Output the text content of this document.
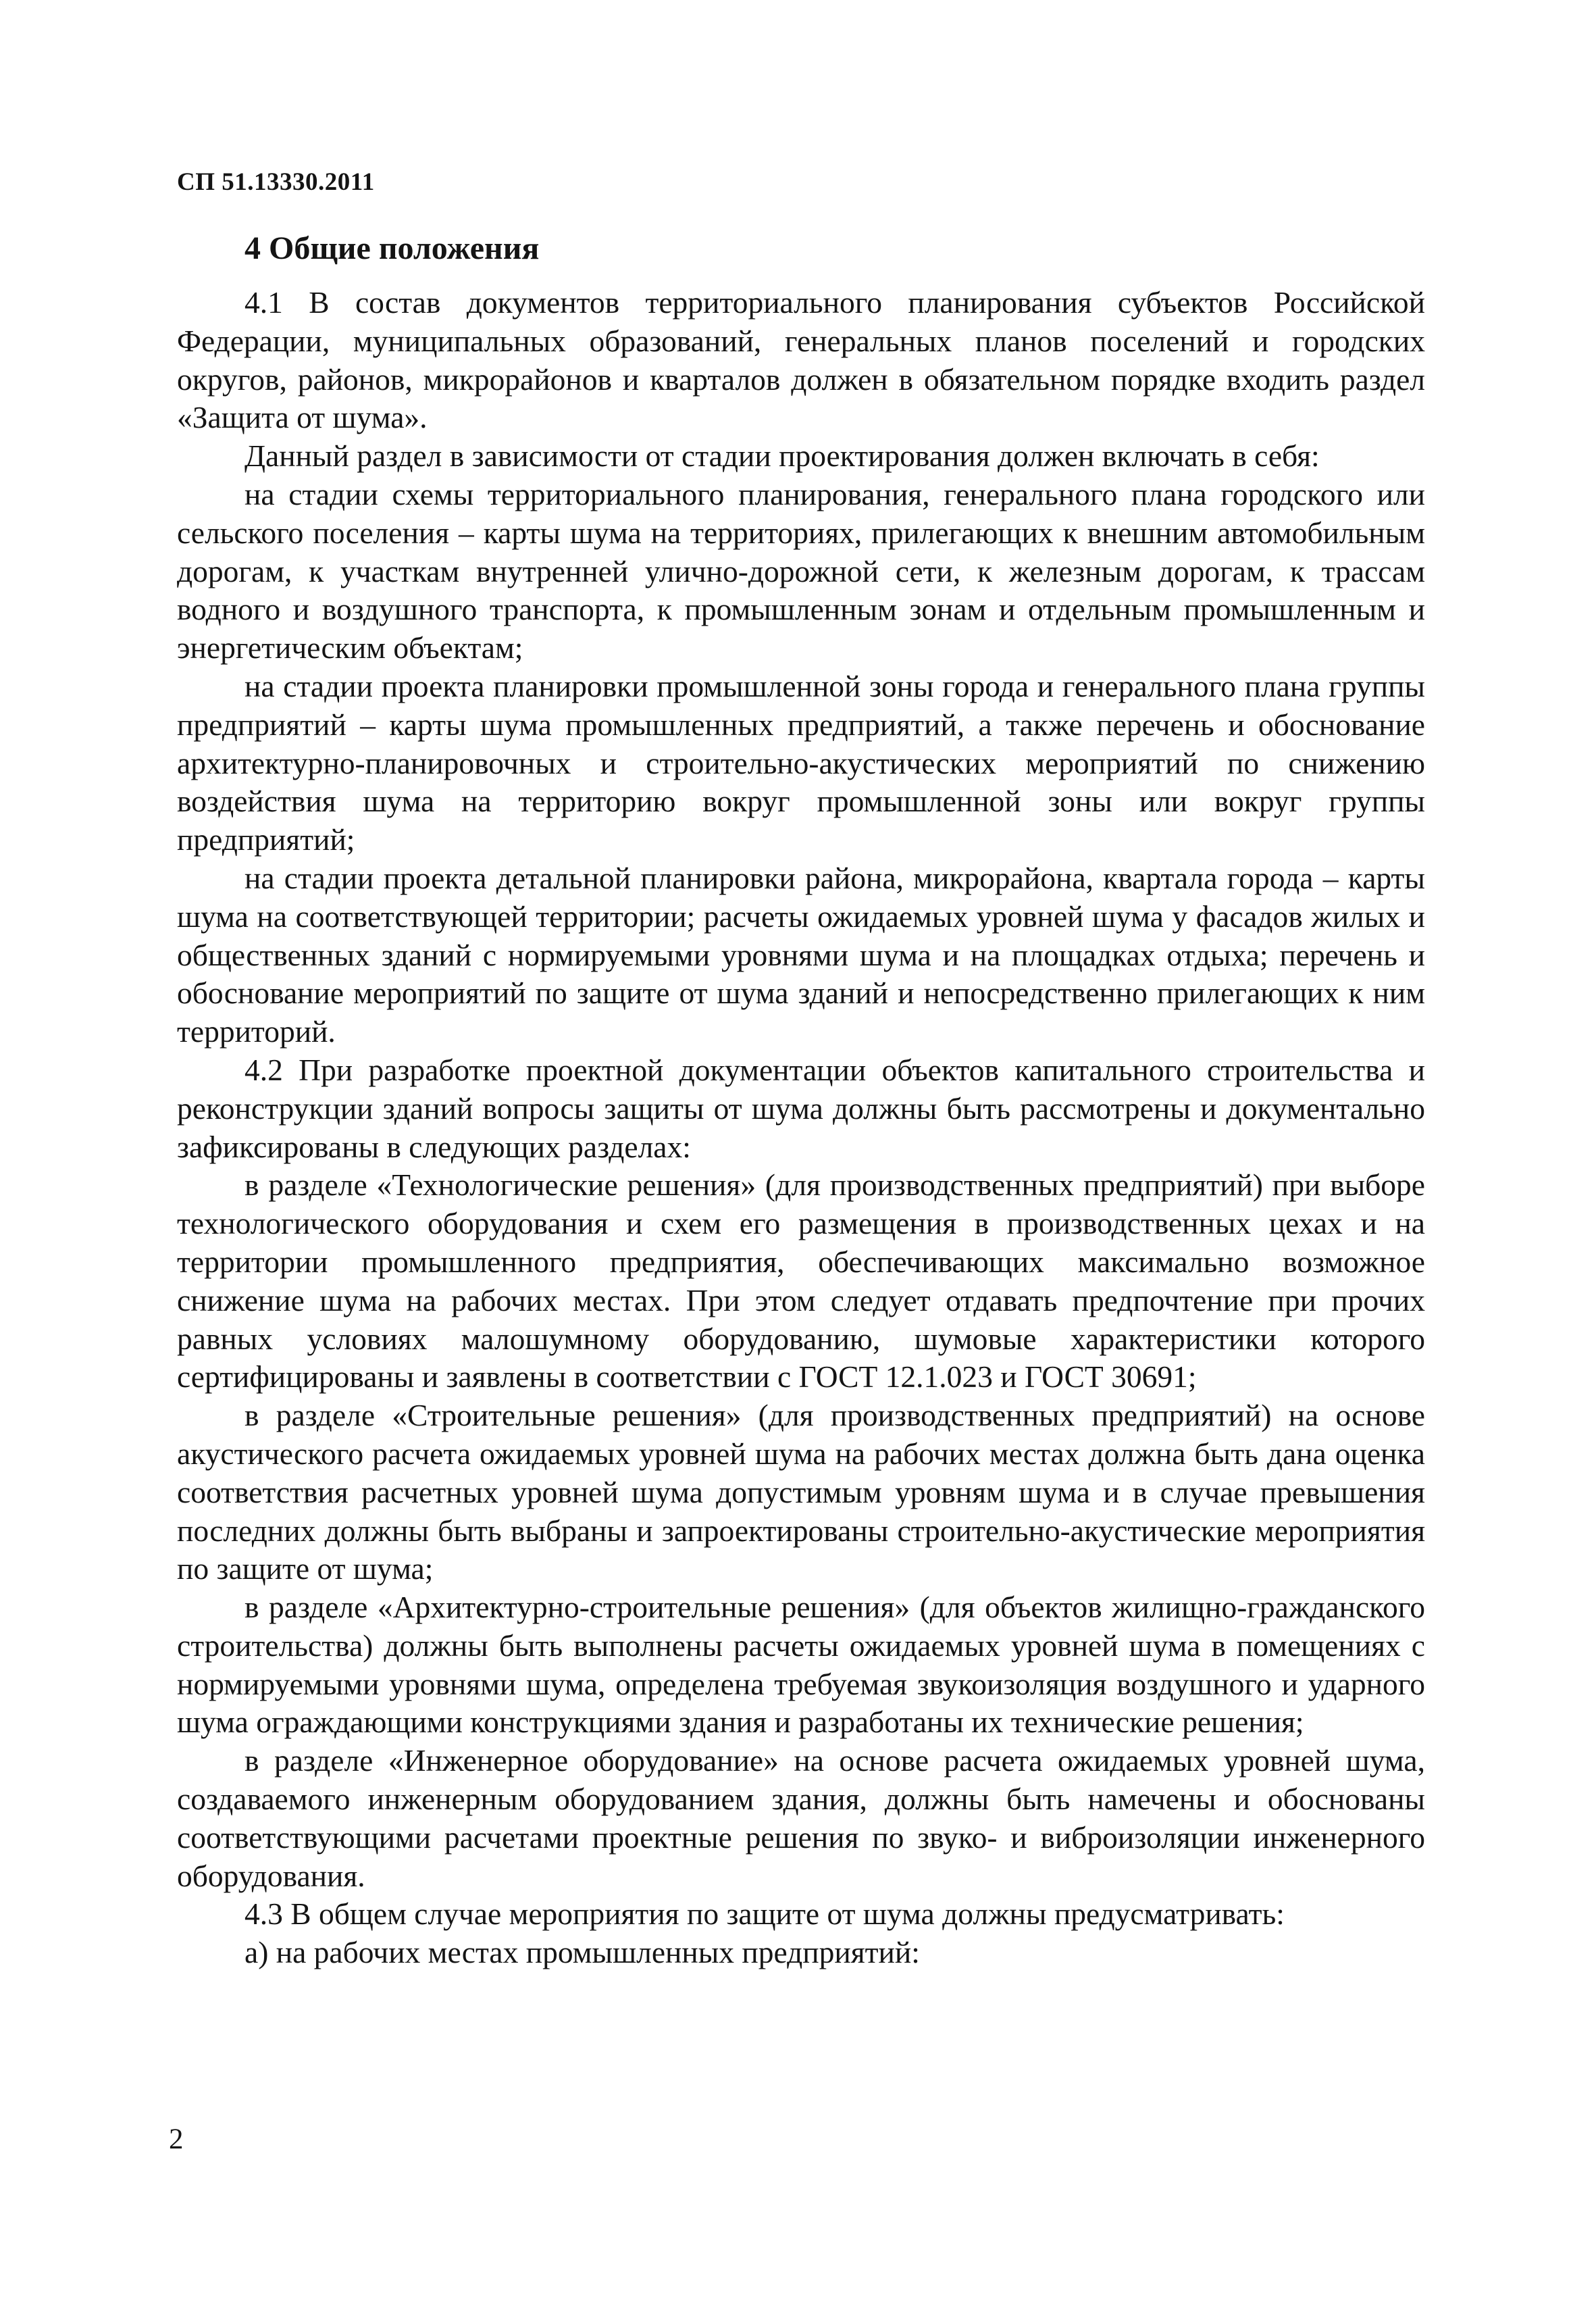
СП 51.13330.2011

4 Общие положения

4.1 В состав документов территориального планирования субъектов Российской Федерации, муниципальных образований, генеральных планов поселений и городских округов, районов, микрорайонов и кварталов должен в обязательном порядке входить раздел «Защита от шума».

Данный раздел в зависимости от стадии проектирования должен включать в себя:

на стадии схемы территориального планирования, генерального плана городского или сельского поселения – карты шума на территориях, прилегающих к внешним автомобильным дорогам, к участкам внутренней улично-дорожной сети, к железным дорогам, к трассам водного и воздушного транспорта, к промышленным зонам и отдельным промышленным и энергетическим объектам;

на стадии проекта планировки промышленной зоны города и генерального плана группы предприятий – карты шума промышленных предприятий, а также перечень и обоснование архитектурно-планировочных и строительно-акустических мероприятий по снижению воздействия шума на территорию вокруг промышленной зоны или вокруг группы предприятий;

на стадии проекта детальной планировки района, микрорайона, квартала города – карты шума на соответствующей территории; расчеты ожидаемых уровней шума у фасадов жилых и общественных зданий с нормируемыми уровнями шума и на площадках отдыха; перечень и обоснование мероприятий по защите от шума зданий и непосредственно прилегающих к ним территорий.

4.2 При разработке проектной документации объектов капитального строительства и реконструкции зданий вопросы защиты от шума должны быть рассмотрены и документально зафиксированы в следующих разделах:

в разделе «Технологические решения» (для производственных предприятий) при выборе технологического оборудования и схем его размещения в производственных цехах и на территории промышленного предприятия, обеспечивающих максимально возможное снижение шума на рабочих местах. При этом следует отдавать предпочтение при прочих равных условиях малошумному оборудованию, шумовые характеристики которого сертифицированы и заявлены в соответствии с ГОСТ 12.1.023 и ГОСТ 30691;

в разделе «Строительные решения» (для производственных предприятий) на основе акустического расчета ожидаемых уровней шума на рабочих местах должна быть дана оценка соответствия расчетных уровней шума допустимым уровням шума и в случае превышения последних должны быть выбраны и запроектированы строительно-акустические мероприятия по защите от шума;

в разделе «Архитектурно-строительные решения» (для объектов жилищно-гражданского строительства) должны быть выполнены расчеты ожидаемых уровней шума в помещениях с нормируемыми уровнями шума, определена требуемая звукоизоляция воздушного и ударного шума ограждающими конструкциями здания и разработаны их технические решения;

в разделе «Инженерное оборудование» на основе расчета ожидаемых уровней шума, создаваемого инженерным оборудованием здания, должны быть намечены и обоснованы соответствующими расчетами проектные решения по звуко- и виброизоляции инженерного оборудования.

4.3 В общем случае мероприятия по защите от шума должны предусматривать:

а) на рабочих местах промышленных предприятий:

2
